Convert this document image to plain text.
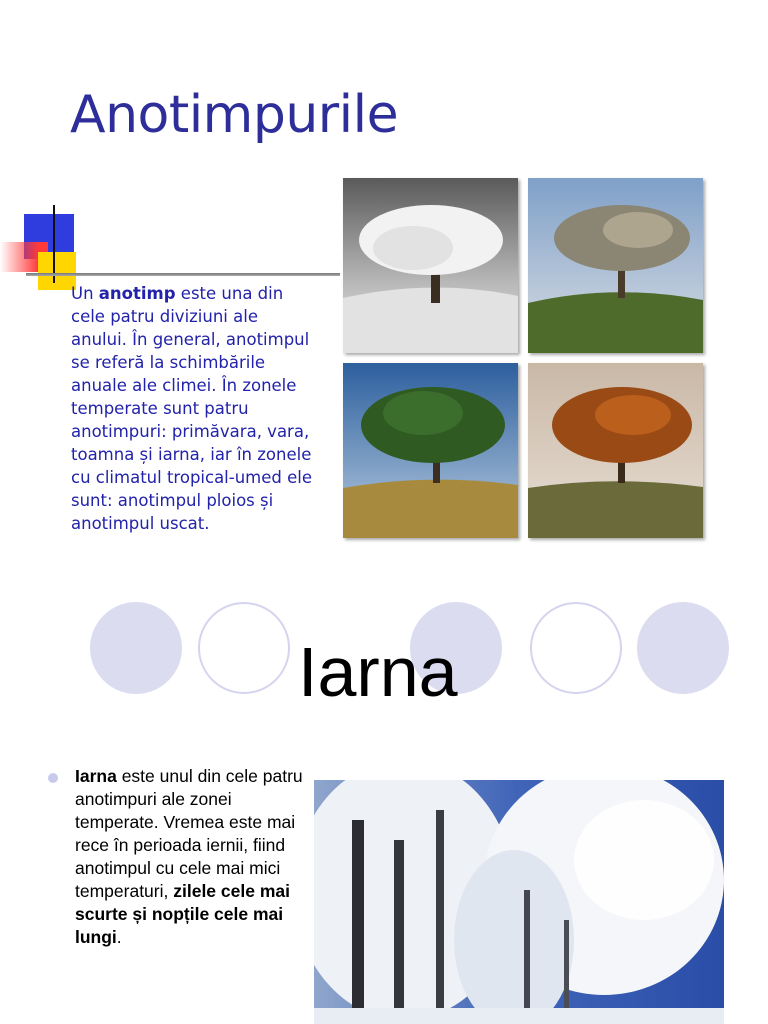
Anotimpurile
Un anotimp este una din cele patru diviziuni ale anului. În general, anotimpul se referă la schimbările anuale ale climei. În zonele temperate sunt patru anotimpuri: primăvara, vara, toamna și iarna, iar în zonele cu climatul tropical-umed ele sunt: anotimpul ploios și anotimpul uscat.
Iarna
Iarna este unul din cele patru anotimpuri ale zonei temperate. Vremea este mai rece în perioada iernii, fiind anotimpul cu cele mai mici temperaturi, zilele cele mai scurte și nopțile cele mai lungi.
